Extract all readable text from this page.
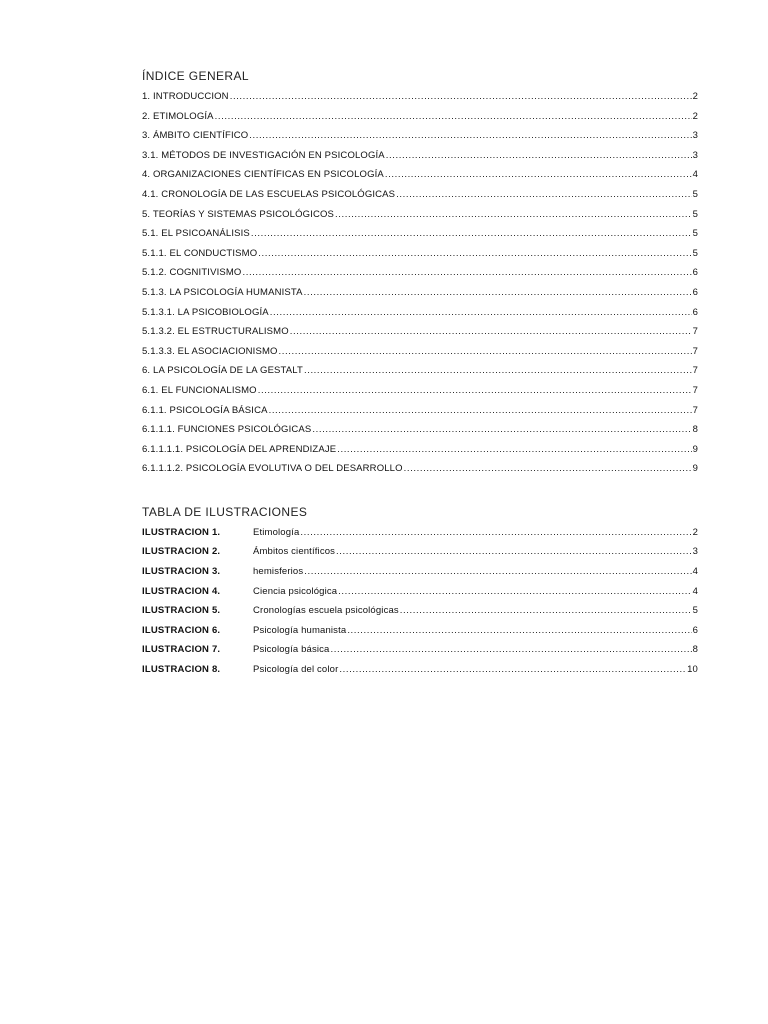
ÍNDICE GENERAL
1. INTRODUCCION .....	2
2. ETIMOLOGÍA .....	2
3. ÁMBITO CIENTÍFICO .....	3
3.1. MÉTODOS DE INVESTIGACIÓN EN PSICOLOGÍA .....	3
4. ORGANIZACIONES CIENTÍFICAS EN PSICOLOGÍA .....	4
4.1. CRONOLOGÍA DE LAS ESCUELAS PSICOLÓGICAS .....	5
5. TEORÍAS Y SISTEMAS PSICOLÓGICOS .....	5
5.1. EL PSICOANÁLISIS .....	5
5.1.1. EL CONDUCTISMO .....	5
5.1.2. COGNITIVISMO .....	6
5.1.3. LA PSICOLOGÍA HUMANISTA .....	6
5.1.3.1. LA PSICOBIOLOGÍA .....	6
5.1.3.2. EL ESTRUCTURALISMO .....	7
5.1.3.3. EL ASOCIACIONISMO .....	7
6. LA PSICOLOGÍA DE LA GESTALT .....	7
6.1. EL FUNCIONALISMO .....	7
6.1.1. PSICOLOGÍA BÁSICA .....	7
6.1.1.1. FUNCIONES PSICOLÓGICAS .....	8
6.1.1.1.1. PSICOLOGÍA DEL APRENDIZAJE .....	9
6.1.1.1.2. PSICOLOGÍA EVOLUTIVA O DEL DESARROLLO .....	9
TABLA DE ILUSTRACIONES
ILUSTRACION 1.	Etimología .....	2
ILUSTRACION 2.	Ámbitos científicos .....	3
ILUSTRACION 3.	hemisferios .....	4
ILUSTRACION 4.	Ciencia psicológica .....	4
ILUSTRACION 5.	Cronologías escuela psicológicas .....	5
ILUSTRACION 6.	Psicología humanista .....	6
ILUSTRACION 7.	Psicología básica .....	8
ILUSTRACION 8.	Psicología del color .....	10
